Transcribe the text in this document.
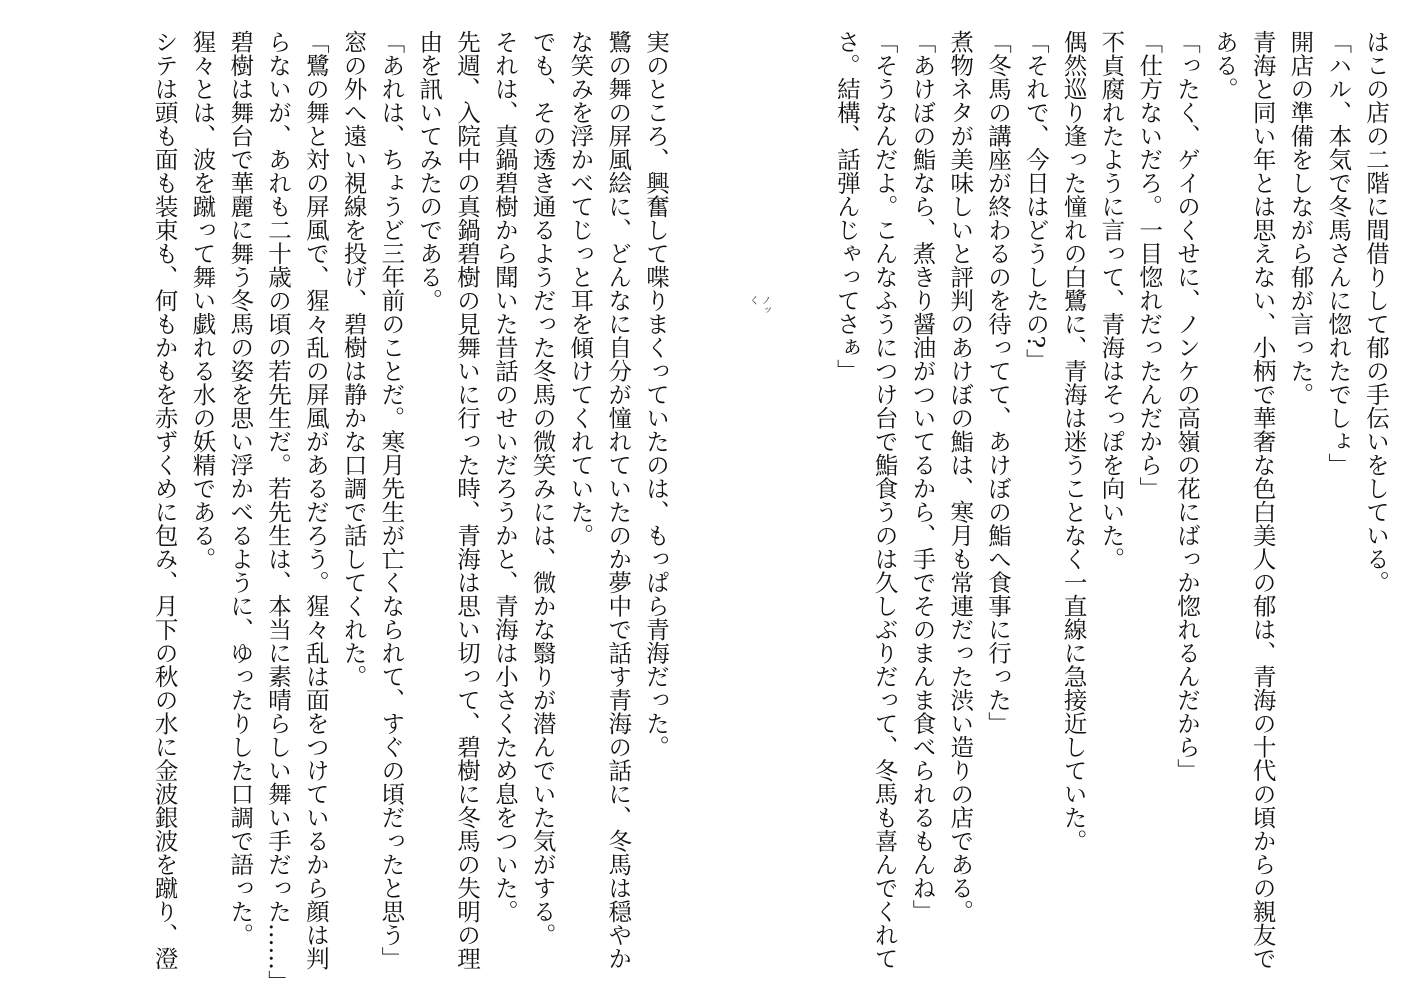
はこの店の二階に間借りして郁の手伝いをしている。
「ハル、本気で冬馬さんに惚れたでしょ」
開店の準備をしながら郁が言った。
青海と同い年とは思えない、小柄で華奢な色白美人の郁は、青海の十代の頃からの親友で
ある。
「ったく、ゲイのくせに、ノンケの高嶺の花にばっか惚れるんだから」
「仕方ないだろ。一目惚れだったんだから」
不貞腐れたように言って、青海はそっぽを向いた。
偶然巡り逢った憧れの白鷺に、青海は迷うことなく一直線に急接近していた。
「それで、今日はどうしたの?」
「冬馬の講座が終わるのを待ってて、あけぼの鮨へ食事に行った」
煮物ネタが美味しいと評判のあけぼの鮨は、寒月も常連だった渋い造りの店である。
「あけぼの鮨なら、煮きり醤油がついてるから、手でそのまんま食べられるもんね」
「そうなんだよ。こんなふうにつけ台で鮨食うのは久しぶりだって、冬馬も喜んでくれて
さ。結構、話弾んじゃってさぁ」
ノッく
実のところ、興奮して喋りまくっていたのは、もっぱら青海だった。
鷺の舞の屏風絵に、どんなに自分が憧れていたのか夢中で話す青海の話に、冬馬は穏やか
な笑みを浮かべてじっと耳を傾けてくれていた。
でも、その透き通るようだった冬馬の微笑みには、微かな翳りが潜んでいた気がする。
それは、真鍋碧樹から聞いた昔話のせいだろうかと、青海は小さくため息をついた。
先週、入院中の真鍋碧樹の見舞いに行った時、青海は思い切って、碧樹に冬馬の失明の理
由を訊いてみたのである。
「あれは、ちょうど三年前のことだ。寒月先生が亡くなられて、すぐの頃だったと思う」
窓の外へ遠い視線を投げ、碧樹は静かな口調で話してくれた。
「鷺の舞と対の屏風で、猩々乱の屏風があるだろう。猩々乱は面をつけているから顔は判
らないが、あれも二十歳の頃の若先生だ。若先生は、本当に素晴らしい舞い手だった……」
碧樹は舞台で華麗に舞う冬馬の姿を思い浮かべるように、ゆったりした口調で語った。
猩々とは、波を蹴って舞い戯れる水の妖精である。
シテは頭も面も装束も、何もかもを赤ずくめに包み、月下の秋の水に金波銀波を蹴り、澄
